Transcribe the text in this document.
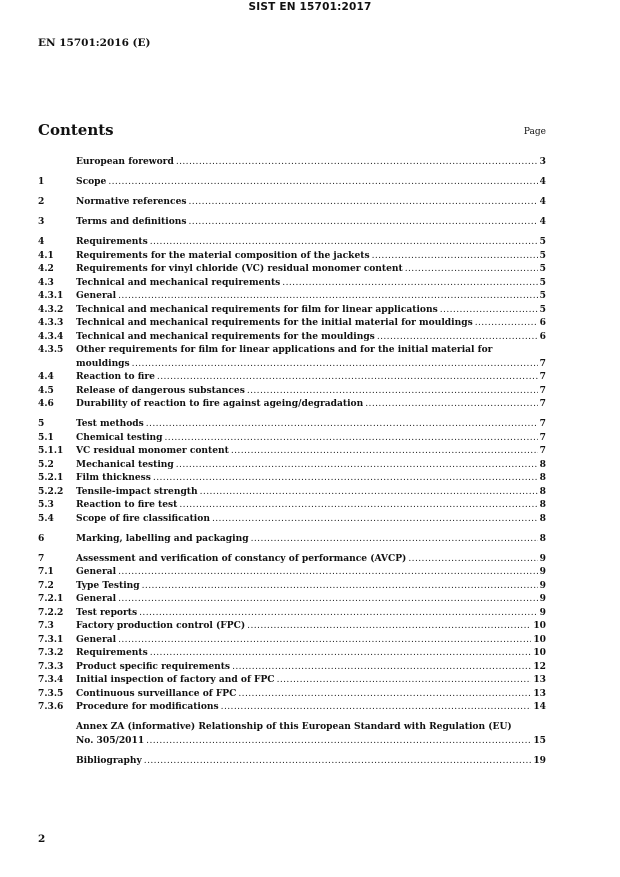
SIST EN 15701:2017
EN 15701:2016 (E)
Contents	Page
European foreword .....	3
1	Scope .....	4
2	Normative references .....	4
3	Terms and definitions .....	4
4	Requirements .....	5
4.1	Requirements for the material composition of the jackets .....	5
4.2	Requirements for vinyl chloride (VC) residual monomer content .....	5
4.3	Technical and mechanical requirements .....	5
4.3.1	General .....	5
4.3.2	Technical and mechanical requirements for film for linear applications .....	5
4.3.3	Technical and mechanical requirements for the initial material for mouldings .....	6
4.3.4	Technical and mechanical requirements for the mouldings .....	6
4.3.5	Other requirements for film for linear applications and for the initial material for
mouldings .....	7
4.4	Reaction to fire .....	7
4.5	Release of dangerous substances .....	7
4.6	Durability of reaction to fire against ageing/degradation .....	7
5	Test methods .....	7
5.1	Chemical testing .....	7
5.1.1	VC residual monomer content .....	7
5.2	Mechanical testing .....	8
5.2.1	Film thickness .....	8
5.2.2	Tensile-impact strength .....	8
5.3	Reaction to fire test .....	8
5.4	Scope of fire classification .....	8
6	Marking, labelling and packaging .....	8
7	Assessment and verification of constancy of performance (AVCP) .....	9
7.1	General .....	9
7.2	Type Testing .....	9
7.2.1	General .....	9
7.2.2	Test reports .....	9
7.3	Factory production control (FPC) .....	10
7.3.1	General .....	10
7.3.2	Requirements .....	10
7.3.3	Product specific requirements .....	12
7.3.4	Initial inspection of factory and of FPC .....	13
7.3.5	Continuous surveillance of FPC .....	13
7.3.6	Procedure for modifications .....	14
Annex ZA (informative) Relationship of this European Standard with Regulation (EU)
No. 305/2011 .....	15
Bibliography .....	19
2
